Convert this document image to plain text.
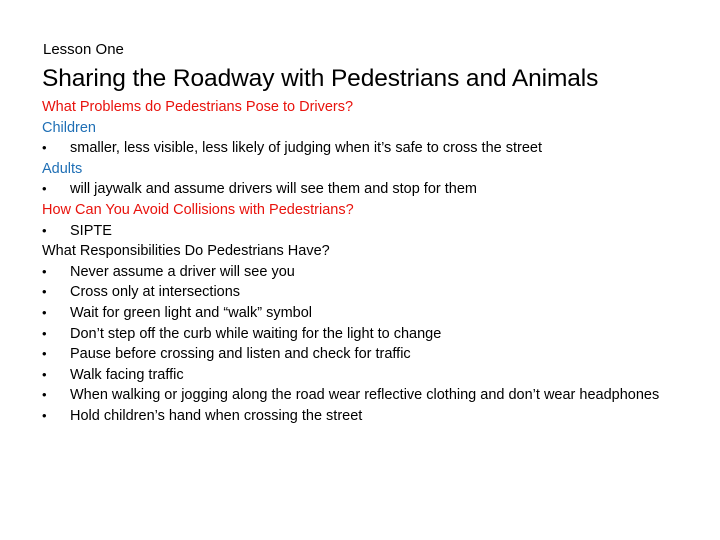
Lesson One
Sharing the Roadway with Pedestrians and Animals
What Problems do Pedestrians Pose to Drivers?
Children
•	smaller, less visible, less likely of judging when it’s safe to cross the street
Adults
•	will jaywalk and assume drivers will see them and stop for them
How Can You Avoid Collisions with Pedestrians?
•	SIPTE
What Responsibilities Do Pedestrians Have?
•	Never assume a driver will see you
•	Cross only at intersections
•	Wait for green light and “walk” symbol
•	Don’t step off the curb while waiting for the light to change
•	Pause before crossing and listen and check for traffic
•	Walk facing traffic
•	When walking or jogging along the road wear reflective clothing and don’t wear headphones
•	Hold children’s hand when crossing the street
